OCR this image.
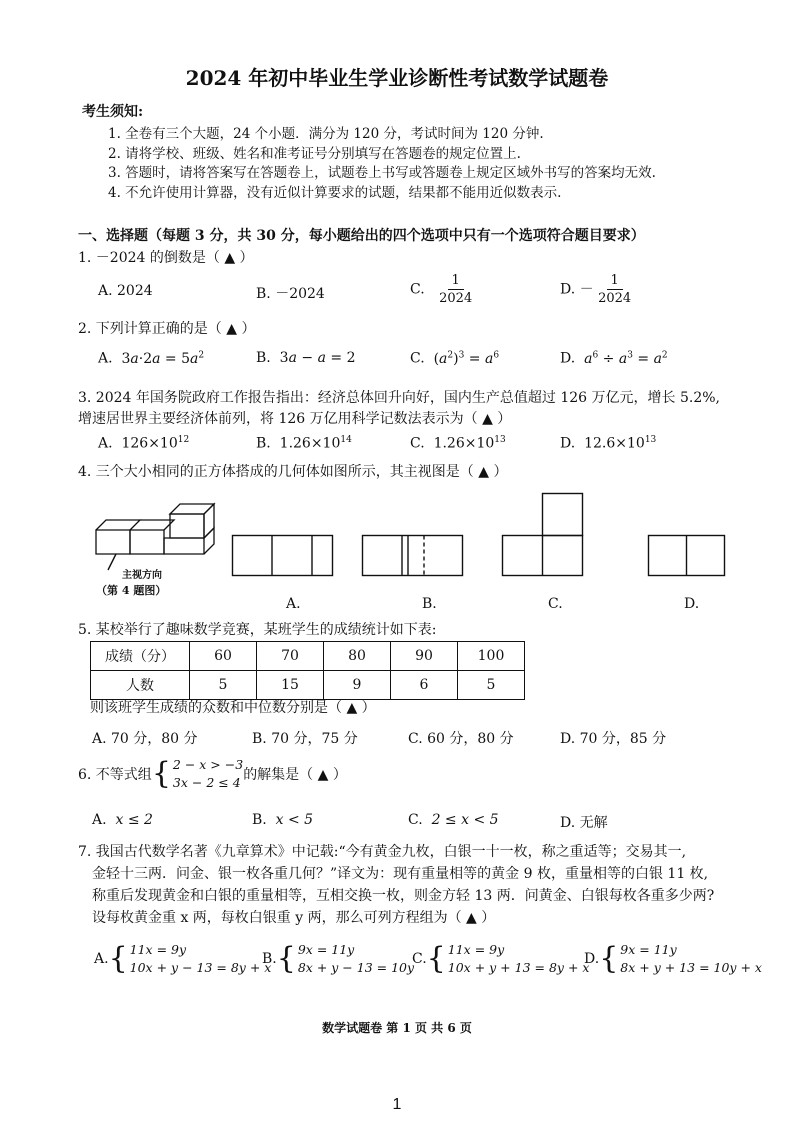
2024 年初中毕业生学业诊断性考试数学试题卷
考生须知:
1. 全卷有三个大题，24 个小题．满分为 120 分，考试时间为 120 分钟.
2. 请将学校、班级、姓名和准考证号分别填写在答题卷的规定位置上.
3. 答题时，请将答案写在答题卷上，试题卷上书写或答题卷上规定区域外书写的答案均无效.
4. 不允许使用计算器，没有近似计算要求的试题，结果都不能用近似数表示.
一、选择题（每题 3 分，共 30 分，每小题给出的四个选项中只有一个选项符合题目要求）
1. －2024 的倒数是（ ▲ ）
A. 2024	B. －2024	C. $\frac{1}{2024}$	D. － $\frac{1}{2024}$
2. 下列计算正确的是（ ▲ ）
A. $3a\cdot 2a = 5a^2$	B. 3a − a = 2	C. $(a^2)^3 = a^6$	D. $a^6 \div a^3 = a^2$
3. 2024 年国务院政府工作报告指出：经济总体回升向好，国内生产总值超过 126 万亿元，增长 5.2%,
增速居世界主要经济体前列，将 126 万亿用科学记数法表示为（ ▲ ）
A. $126\times 10^{12}$	B. $1.26\times 10^{14}$	C. $1.26\times 10^{13}$	D. $12.6\times 10^{13}$
4. 三个大小相同的正方体搭成的几何体如图所示，其主视图是（ ▲ ）
主视方向
（第 4 题图）
A.	B.	C.	D.
5. 某校举行了趣味数学竞赛，某班学生的成绩统计如下表:
成绩（分）	60	70	80	90	100
人数	5	15	9	6	5
则该班学生成绩的众数和中位数分别是（ ▲ ）
A. 70 分，80 分	B. 70 分，75 分	C. 60 分，80 分	D. 70 分，85 分
6. 不等式组 { 2 − x > −3
3x − 2 ≤ 4 的解集是（ ▲ ）
A. x ≤ 2	B. x < 5	C. 2 ≤ x < 5	D. 无解
7. 我国古代数学名著《九章算术》中记载:“今有黄金九枚，白银一十一枚，称之重适等；交易其一,
金轻十三两．问金、银一枚各重几何？”译文为：现有重量相等的黄金 9 枚，重量相等的白银 11 枚,
称重后发现黄金和白银的重量相等，互相交换一枚，则金方轻 13 两．问黄金、白银每枚各重多少两?
设每枚黄金重 x 两，每枚白银重 y 两，那么可列方程组为（ ▲ ）
A. { 11x = 9y
10x + y − 13 = 8y + x
B. { 9x = 11y
8x + y − 13 = 10y
C. { 11x = 9y
10x + y + 13 = 8y + x
D. { 9x = 11y
8x + y + 13 = 10y + x
数学试题卷 第 1 页 共 6 页
1
